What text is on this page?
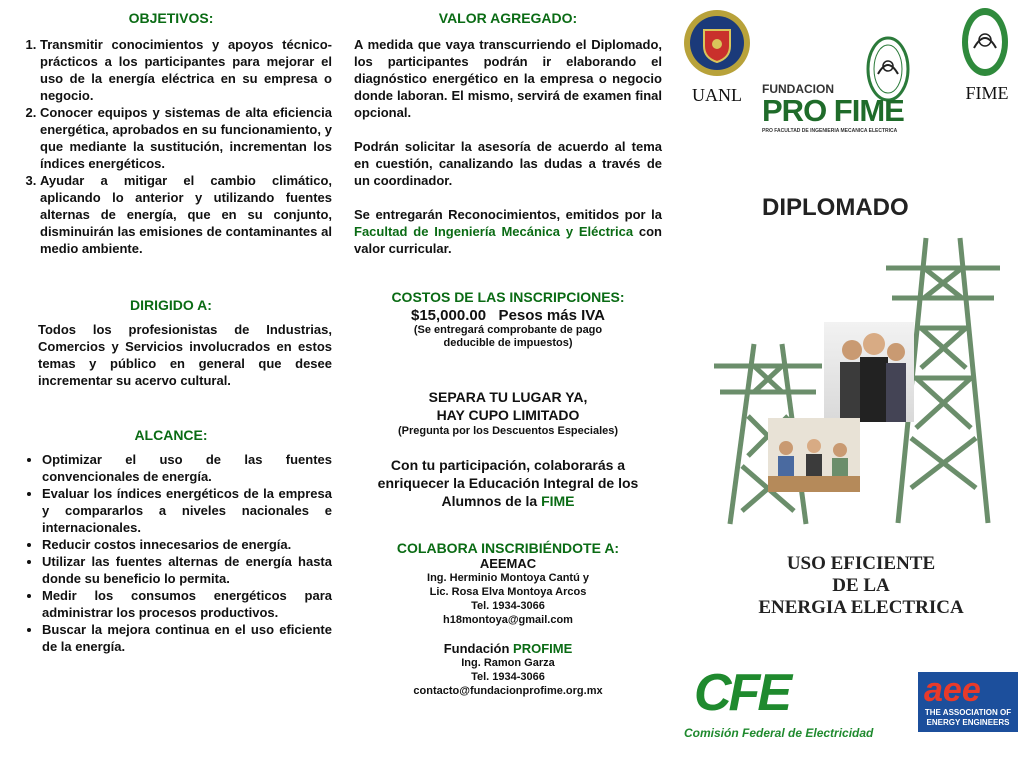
OBJETIVOS:
1. Transmitir conocimientos y apoyos técnico-prácticos a los participantes para mejorar el uso de la energía eléctrica en su empresa o negocio.
2. Conocer equipos y sistemas de alta eficiencia energética, aprobados en su funcionamiento, y que mediante la sustitución, incrementan los índices energéticos.
3. Ayudar a mitigar el cambio climático, aplicando lo anterior y utilizando fuentes alternas de energía, que en su conjunto, disminuirán las emisiones de contaminantes al medio ambiente.
DIRIGIDO A:

Todos los profesionistas de Industrias, Comercios y Servicios involucrados en estos temas y público en general que desee incrementar su acervo cultural.

ALCANCE:
• Optimizar el uso de las fuentes convencionales de energía.
• Evaluar los índices energéticos de la empresa y compararlos a niveles nacionales e internacionales.
• Reducir costos innecesarios de energía.
• Utilizar las fuentes alternas de energía hasta donde su beneficio lo permita.
• Medir los consumos energéticos para administrar los procesos productivos.
• Buscar la mejora continua en el uso eficiente de la energía.
VALOR AGREGADO:

A medida que vaya transcurriendo el Diplomado, los participantes podrán ir elaborando el diagnóstico energético en la empresa o negocio donde laboran. El mismo, servirá de examen final opcional.

Podrán solicitar la asesoría de acuerdo al tema en cuestión, canalizando las dudas a través de un coordinador.

Se entregarán Reconocimientos, emitidos por la Facultad de Ingeniería Mecánica y Eléctrica con valor curricular.

COSTOS DE LAS INSCRIPCIONES:
$15,000.00   Pesos más IVA
(Se entregará comprobante de pago deducible de impuestos)
SEPARA TU LUGAR YA,
HAY CUPO LIMITADO
(Pregunta por los Descuentos Especiales)
Con tu participación, colaborarás a enriquecer la Educación Integral de los Alumnos de la FIME
COLABORA INSCRIBIÉNDOTE A:
AEEMAC
Ing. Herminio Montoya Cantú y
Lic. Rosa Elva Montoya Arcos
Tel. 1934-3066
h18montoya@gmail.com
Fundación PROFIME
Ing. Ramon Garza
Tel. 1934-3066
contacto@fundacionprofime.org.mx
UANL	FIME
FUNDACION
PRO FIME
PRO FACULTAD DE INGENIERIA MECANICA ELECTRICA
DIPLOMADO
USO EFICIENTE
DE LA
ENERGIA ELECTRICA
CFE
Comisión Federal de Electricidad
aee
THE ASSOCIATION OF
ENERGY ENGINEERS
